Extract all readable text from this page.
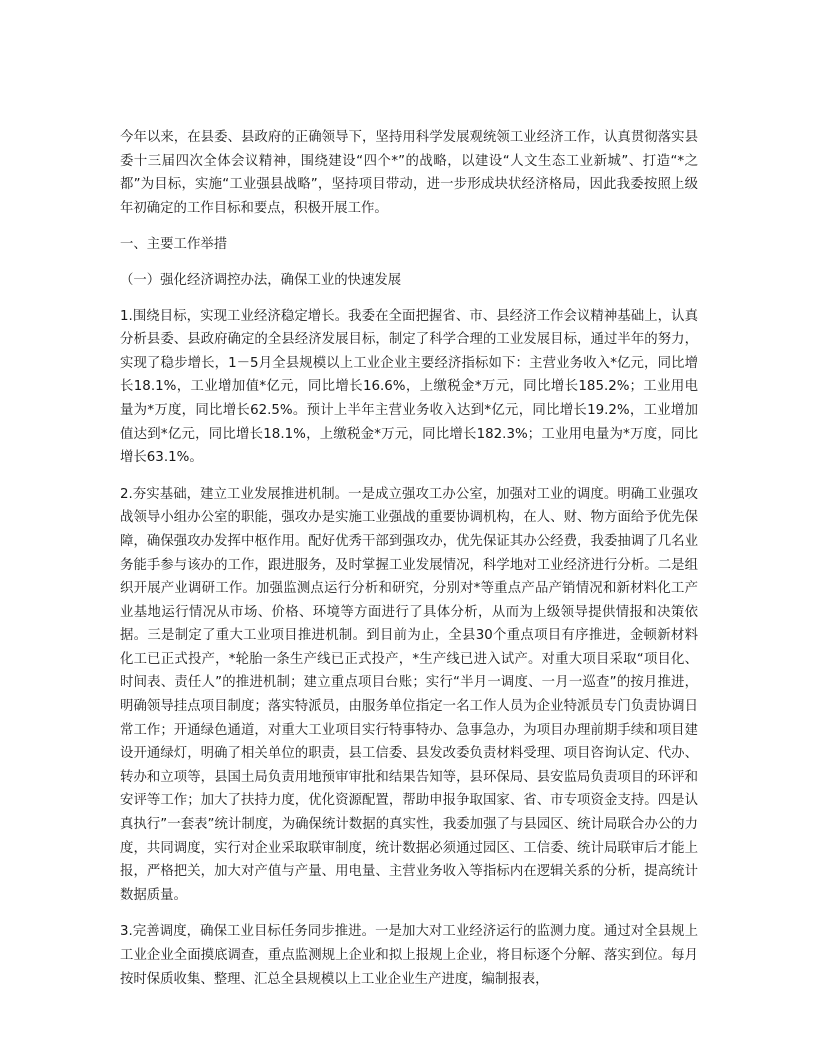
今年以来，在县委、县政府的正确领导下，坚持用科学发展观统领工业经济工作，认真贯彻落实县委十三届四次全体会议精神，围绕建设“四个*”的战略，以建设“人文生态工业新城”、打造“*之都”为目标，实施“工业强县战略”，坚持项目带动，进一步形成块状经济格局，因此我委按照上级年初确定的工作目标和要点，积极开展工作。

一、主要工作举措

（一）强化经济调控办法，确保工业的快速发展

1.围绕目标，实现工业经济稳定增长。我委在全面把握省、市、县经济工作会议精神基础上，认真分析县委、县政府确定的全县经济发展目标，制定了科学合理的工业发展目标，通过半年的努力，实现了稳步增长，1－5月全县规模以上工业企业主要经济指标如下：主营业务收入*亿元，同比增长18.1%，工业增加值*亿元，同比增长16.6%，上缴税金*万元，同比增长185.2%；工业用电量为*万度，同比增长62.5%。预计上半年主营业务收入达到*亿元，同比增长19.2%，工业增加值达到*亿元，同比增长18.1%，上缴税金*万元，同比增长182.3%；工业用电量为*万度，同比增长63.1%。

2.夯实基础，建立工业发展推进机制。一是成立强攻工办公室，加强对工业的调度。明确工业强攻战领导小组办公室的职能，强攻办是实施工业强战的重要协调机构，在人、财、物方面给予优先保障，确保强攻办发挥中枢作用。配好优秀干部到强攻办，优先保证其办公经费，我委抽调了几名业务能手参与该办的工作，跟进服务，及时掌握工业发展情况，科学地对工业经济进行分析。二是组织开展产业调研工作。加强监测点运行分析和研究，分别对*等重点产品产销情况和新材料化工产业基地运行情况从市场、价格、环境等方面进行了具体分析，从而为上级领导提供情报和决策依据。三是制定了重大工业项目推进机制。到目前为止，全县30个重点项目有序推进，金顿新材料化工已正式投产，*轮胎一条生产线已正式投产，*生产线已进入试产。对重大项目采取“项目化、时间表、责任人”的推进机制；建立重点项目台账；实行“半月一调度、一月一巡查”的按月推进，明确领导挂点项目制度；落实特派员，由服务单位指定一名工作人员为企业特派员专门负责协调日常工作；开通绿色通道，对重大工业项目实行特事特办、急事急办，为项目办理前期手续和项目建设开通绿灯，明确了相关单位的职责，县工信委、县发改委负责材料受理、项目咨询认定、代办、转办和立项等，县国土局负责用地预审审批和结果告知等，县环保局、县安监局负责项目的环评和安评等工作；加大了扶持力度，优化资源配置，帮助申报争取国家、省、市专项资金支持。四是认真执行”一套表”统计制度，为确保统计数据的真实性，我委加强了与县园区、统计局联合办公的力度，共同调度，实行对企业采取联审制度，统计数据必须通过园区、工信委、统计局联审后才能上报，严格把关，加大对产值与产量、用电量、主营业务收入等指标内在逻辑关系的分析，提高统计数据质量。

3.完善调度，确保工业目标任务同步推进。一是加大对工业经济运行的监测力度。通过对全县规上工业企业全面摸底调查，重点监测规上企业和拟上报规上企业，将目标逐个分解、落实到位。每月按时保质收集、整理、汇总全县规模以上工业企业生产进度，编制报表，
